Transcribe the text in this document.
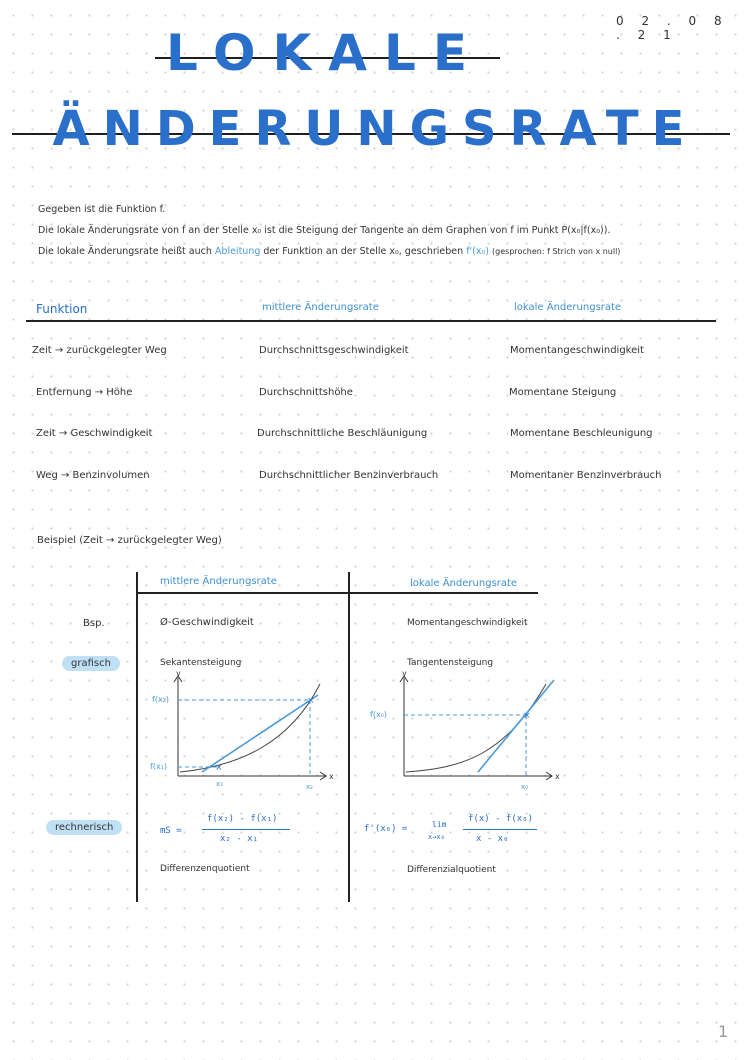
0 2 . 0 8 . 2 1
LOKALE
ÄNDERUNGSRATE
Gegeben ist die Funktion f.
Die lokale Änderungsrate von f an der Stelle x₀ ist die Steigung der Tangente an dem Graphen von f im Punkt P(x₀|f(x₀)).
Die lokale Änderungsrate heißt auch Ableitung der Funktion an der Stelle x₀, geschrieben f'(x₀) (gesprochen: f Strich von x null)
Funktion	mittlere Änderungsrate	lokale Änderungsrate
Zeit → zurückgelegter Weg	Durchschnittsgeschwindigkeit	Momentangeschwindigkeit
Entfernung → Höhe	Durchschnittshöhe	Momentane Steigung
Zeit → Geschwindigkeit	Durchschnittliche Beschläunigung	Momentane Beschleunigung
Weg → Benzinvolumen	Durchschnittlicher Benzinverbrauch	Momentaner Benzinverbrauch
Beispiel (Zeit → zurückgelegter Weg)
mittlere Änderungsrate	lokale Änderungsrate
Bsp.	Ø-Geschwindigkeit	Momentangeschwindigkeit
grafisch	Sekantensteigung	Tangentensteigung
y
x
×
×
f(x₂)
f(x₁)
x₁	x₂
y
x
×
f(x₀)
x₀
rechnerisch	mS =
f(x₂) - f(x₁)
x₂ - x₁
Differenzenquotient
f'(x₀) =	lim
x→x₀
f(x) - f(x₀)
x - x₀
Differenzialquotient
1
